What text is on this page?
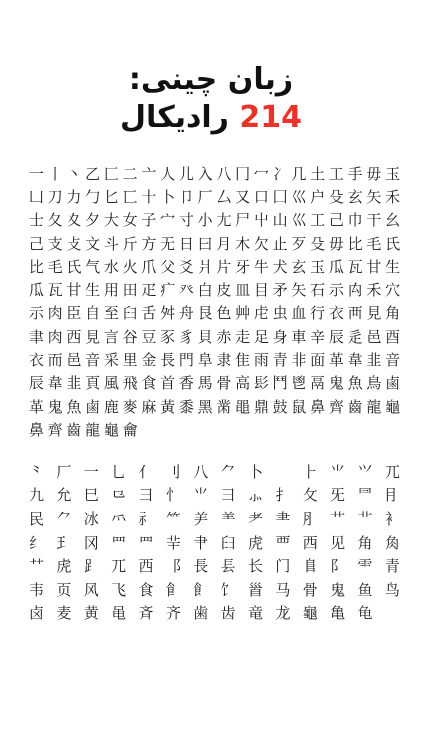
زبان چینی:
214 رادیکال
一 丨 丶 乙 匚 二 亠 人 儿 入 八 冂 冖 冫 几 土 工 手 毋 玉
凵 刀 力 勹 匕 匸 十 卜 卩 厂 厶 又 口 囗 巛 户 殳 玄 矢 禾
士 夂 夊 夕 大 女 子 宀 寸 小 尢 尸 屮 山 巛 工 己 巾 干 幺
己 支 攴 文 斗 斤 方 无 日 曰 月 木 欠 止 歹 殳 毋 比 毛 氏
比 毛 氏 气 水 火 爪 父 爻 爿 片 牙 牛 犬 玄 玉 瓜 瓦 甘 生
瓜 瓦 甘 生 用 田 疋 疒 癶 白 皮 皿 目 矛 矢 石 示 禸 禾 穴
示 肉 臣 自 至 臼 舌 舛 舟 艮 色 艸 虍 虫 血 行 衣 襾 見 角
聿 肉 西 見 言 谷 豆 豕 豸 貝 赤 走 足 身 車 辛 辰 辵 邑 酉
衣 而 邑 音 采 里 金 長 門 阜 隶 隹 雨 青 非 面 革 韋 韭 音
辰 韋 韭 頁 風 飛 食 首 香 馬 骨 高 髟 鬥 鬯 鬲 鬼 魚 鳥 鹵
革 鬼 魚 鹵 鹿 麥 麻 黃 黍 黑 黹 黽 鼎 鼓 鼠 鼻 齊 齒 龍 龜
鼻 齊 齒 龍 龜 龠
⺀ 厂 一 乚 亻 刂 八 ⺈ 卜	⺊ ⺌ ⺍ ⺎
九 允 巳 ⺋ 彐 忄 ⺌ ⺕ ⺗ ⺘ ⺙ ⺛ ⺜ ⺝
民 ⺈ 冰 ⺤ ⺬ ⺮ ⺶ ⺷ ⺹ ⺻ ⺼ ⺾ ⻀ ⻂
纟 ⺩ 冈 ⺫ ⺲ ⺸ ⺺ ⺽ ⻁ ⻃ ⻄ ⻅ ⻆ ⻇
⺿ 虎 ⻊ 兀 西 ⻏ ⻑ ⻒ ⻓ ⻔ ⻕ ⻖ ⻗ ⻘
⻙ ⻚ ⻛ ⻜ ⻝ ⻞ ⻟ ⻠ ⻡ ⻢ ⻣ ⻤ ⻥ ⻦
⻧ ⻨ ⻩ ⻪ ⻫ ⻬ ⻭ ⻮ ⻯ ⻰ ⻱ ⻲ ⻳
